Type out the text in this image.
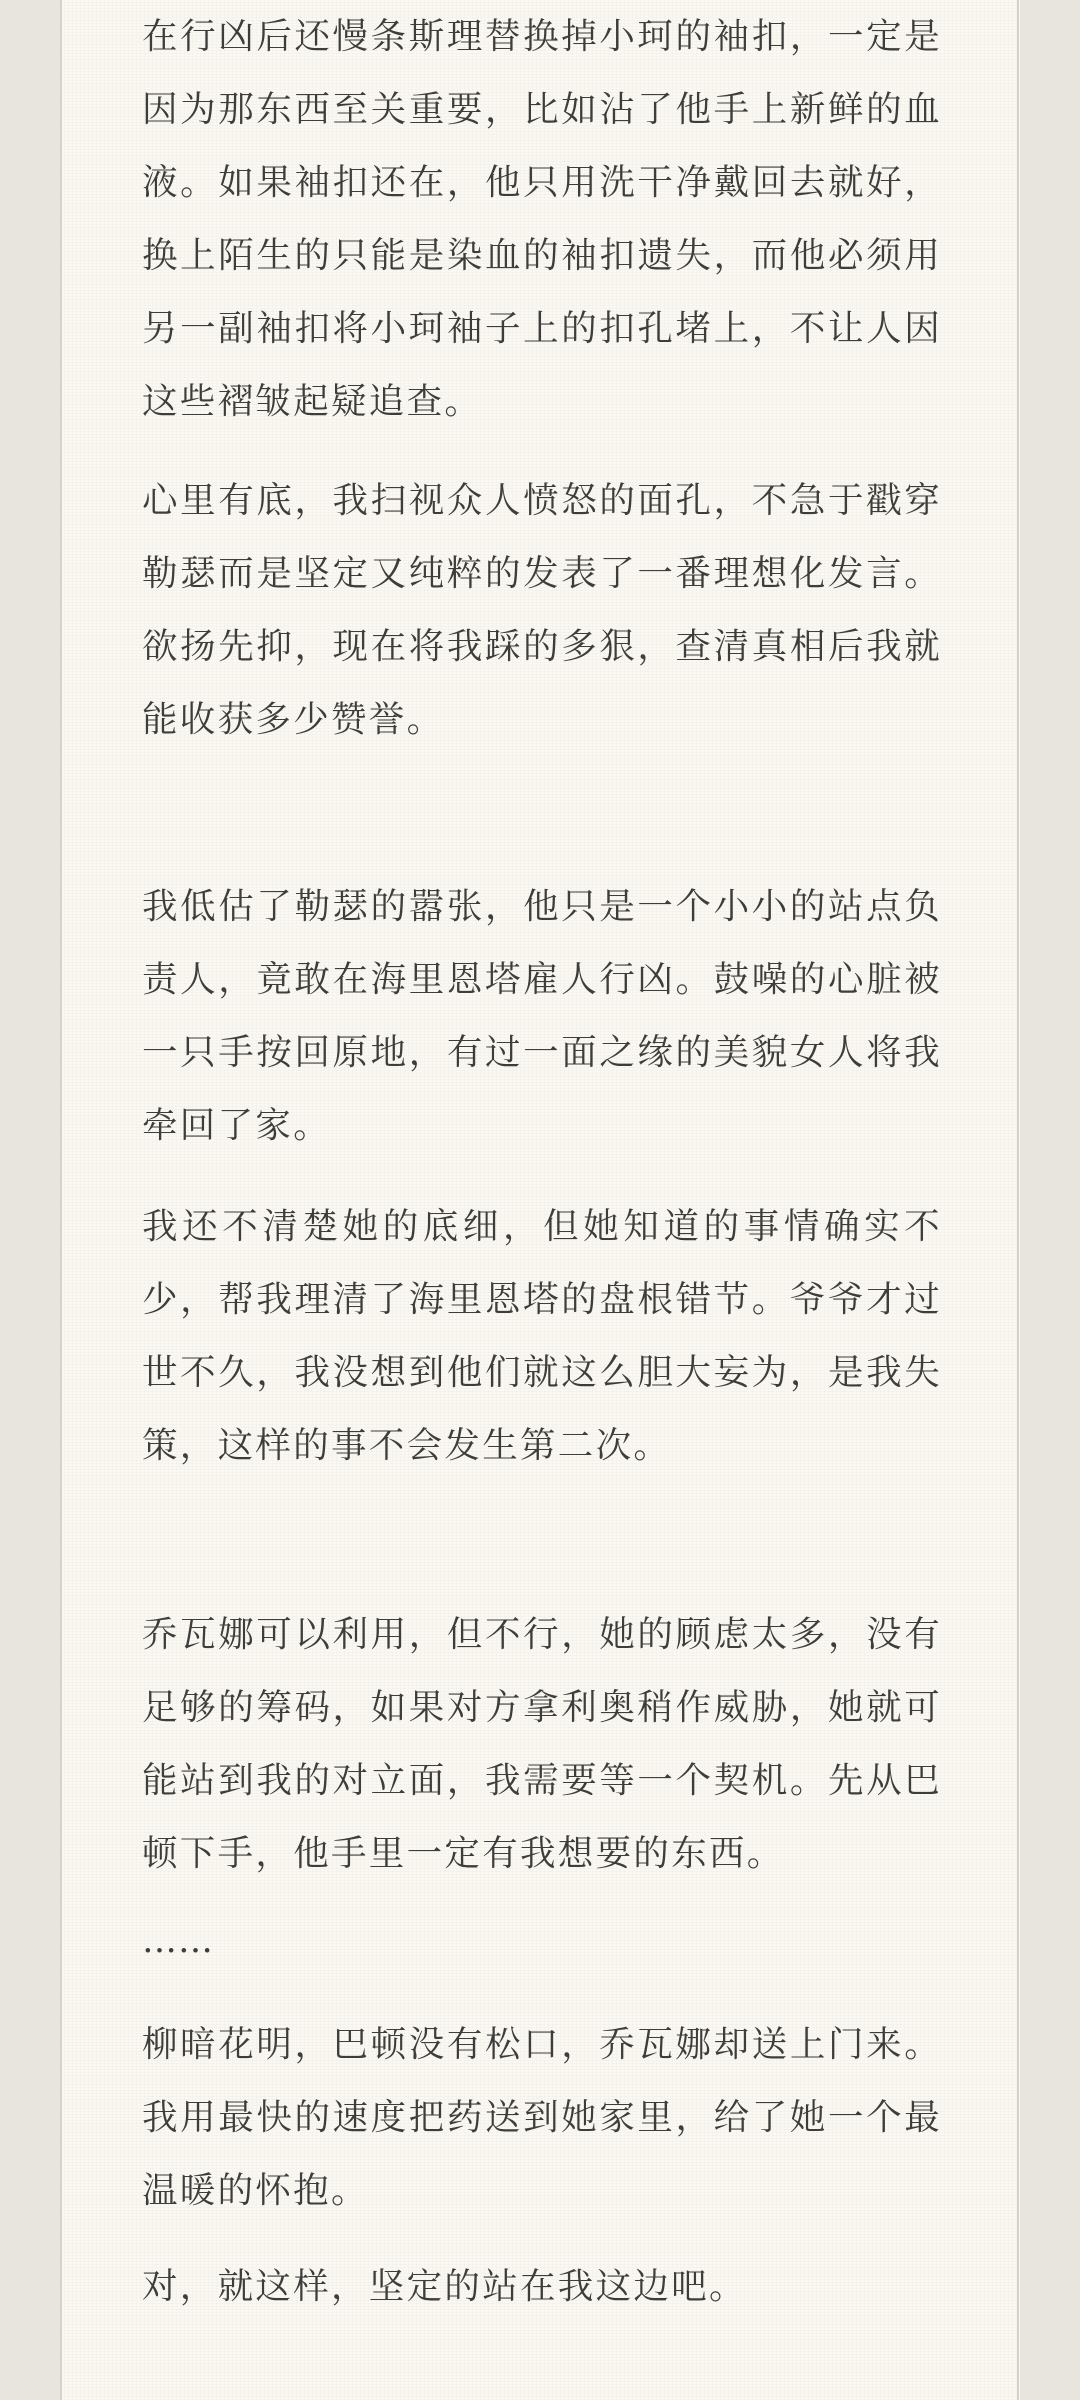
在行凶后还慢条斯理替换掉小珂的袖扣，一定是因为那东西至关重要，比如沾了他手上新鲜的血液。如果袖扣还在，他只用洗干净戴回去就好，换上陌生的只能是染血的袖扣遗失，而他必须用另一副袖扣将小珂袖子上的扣孔堵上，不让人因这些褶皱起疑追查。

心里有底，我扫视众人愤怒的面孔，不急于戳穿勒瑟而是坚定又纯粹的发表了一番理想化发言。欲扬先抑，现在将我踩的多狠，查清真相后我就能收获多少赞誉。

我低估了勒瑟的嚣张，他只是一个小小的站点负责人，竟敢在海里恩塔雇人行凶。鼓噪的心脏被一只手按回原地，有过一面之缘的美貌女人将我牵回了家。

我还不清楚她的底细，但她知道的事情确实不少，帮我理清了海里恩塔的盘根错节。爷爷才过世不久，我没想到他们就这么胆大妄为，是我失策，这样的事不会发生第二次。

乔瓦娜可以利用，但不行，她的顾虑太多，没有足够的筹码，如果对方拿利奥稍作威胁，她就可能站到我的对立面，我需要等一个契机。先从巴顿下手，他手里一定有我想要的东西。

……

柳暗花明，巴顿没有松口，乔瓦娜却送上门来。我用最快的速度把药送到她家里，给了她一个最温暖的怀抱。

对，就这样，坚定的站在我这边吧。
